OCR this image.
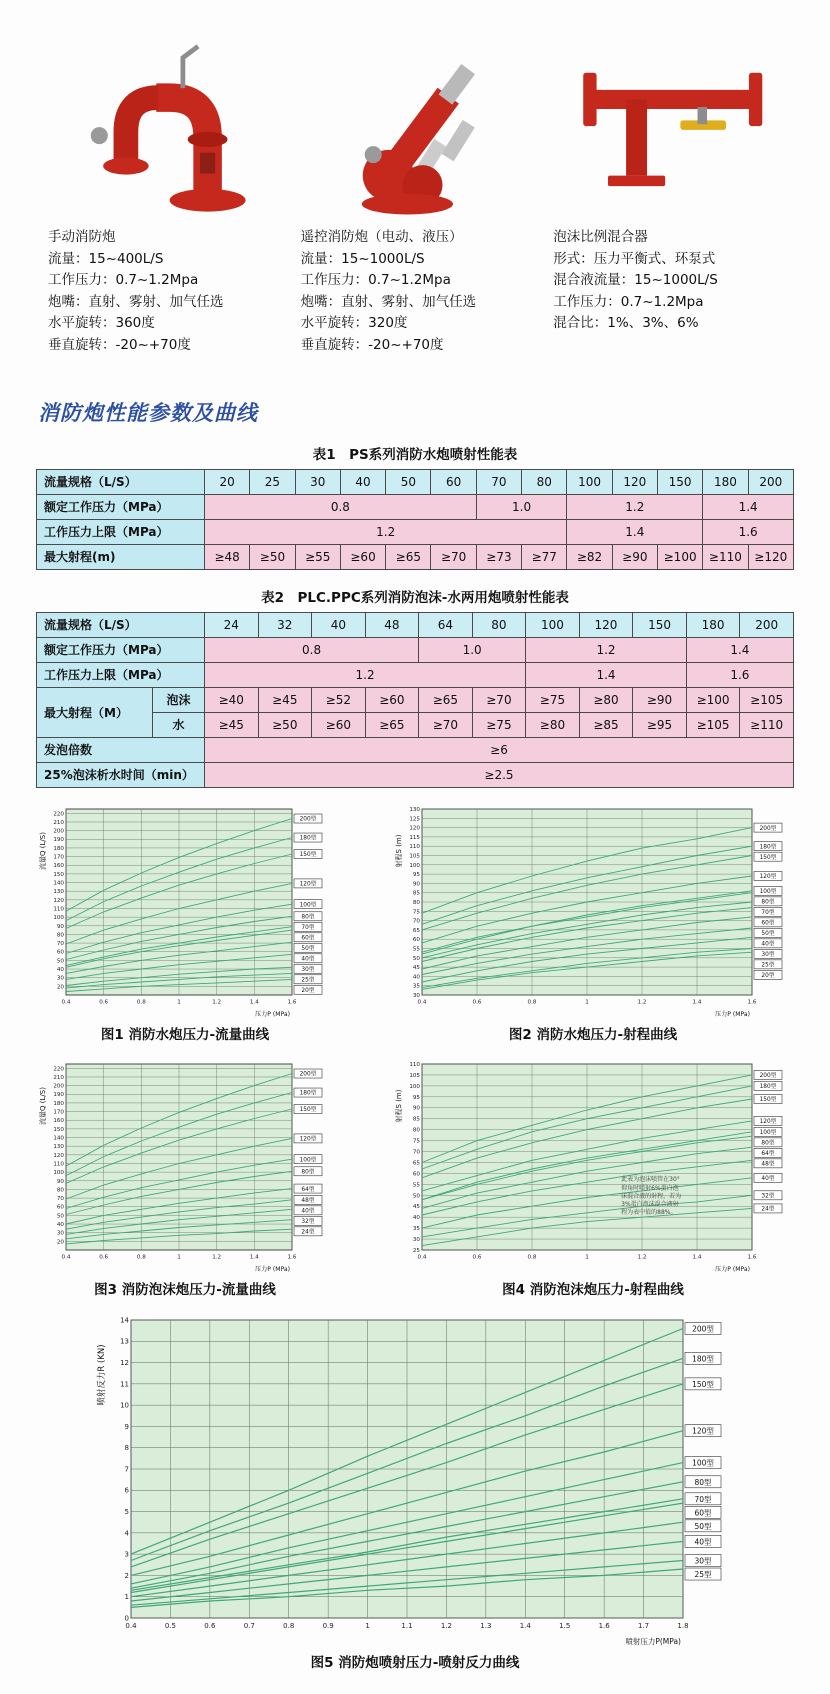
手动消防炮
流量：15~400L/S
工作压力：0.7~1.2Mpa
炮嘴：直射、雾射、加气任选
水平旋转：360度
垂直旋转：-20~+70度
遥控消防炮（电动、液压）
流量：15~1000L/S
工作压力：0.7~1.2Mpa
炮嘴：直射、雾射、加气任选
水平旋转：320度
垂直旋转：-20~+70度
泡沫比例混合器
形式：压力平衡式、环泵式
混合液流量：15~1000L/S
工作压力：0.7~1.2Mpa
混合比：1%、3%、6%
消防炮性能参数及曲线
表1　PS系列消防水炮喷射性能表
流量规格（L/S）	20	25	30	40	50	60	70	80	100	120	150	180	200
额定工作压力（MPa）	0.8						1.0		1.2			1.4	
工作压力上限（MPa）	1.2								1.4			1.6	
最大射程(m)	≥48	≥50	≥55	≥60	≥65	≥70	≥73	≥77	≥82	≥90	≥100	≥110	≥120
表2　PLC.PPC系列消防泡沫-水两用炮喷射性能表
流量规格（L/S）		24	32	40	48	64	80	100	120	150	180	200
额定工作压力（MPa）		0.8				1.0		1.2			1.4	
工作压力上限（MPa）		1.2						1.4			1.6	
最大射程（M）	泡沫	≥40	≥45	≥52	≥60	≥65	≥70	≥75	≥80	≥90	≥100	≥105
	水	≥45	≥50	≥60	≥65	≥70	≥75	≥80	≥85	≥95	≥105	≥110
发泡倍数		≥6										
25%泡沫析水时间（min）		≥2.5										
0.4	0.6	0.8	1	1.2	1.4	1.6
20
30
40
50
60
70
80
90
100
110
120
130
140
150
160
170
180
190
200
210
220
200型
180型
150型
120型
100型
80型
70型
60型
50型
40型
30型
25型
20型
压力P (MPa)
流量Q (L/S)
图1 消防水炮压力-流量曲线
0.4	0.6	0.8	1	1.2	1.4	1.6
30
35
40
45
50
55
60
65
70
75
80
85
90
95
100
105
110
115
120
125
130
200型
180型
150型
120型
100型
80型
70型
60型
50型
40型
30型
25型
20型
压力P (MPa)
射程S (m)
图2 消防水炮压力-射程曲线
0.4	0.6	0.8	1	1.2	1.4	1.6
20
30
40
50
60
70
80
90
100
110
120
130
140
150
160
170
180
190
200
210
220
200型
180型
150型
120型
100型
80型
64型
48型
40型
32型
24型
压力P (MPa)
流量Q (L/S)
图3 消防泡沫炮压力-流量曲线
0.4	0.6	0.8	1	1.2	1.4	1.6
25
30
35
40
45
50
55
60
65
70
75
80
85
90
95
100
105
110
200型
180型
150型
120型
100型
80型
64型
48型
40型
32型
24型
压力P (MPa)
射程S (m)
此表为泡沫喷管在30°仰角时喷射6%蛋白泡沫混合液的射程，若为3%蛋白泡沫混合液射程为表中值的88%。
图4 消防泡沫炮压力-射程曲线
0.4	0.5	0.6	0.7	0.8	0.9	1	1.1	1.2	1.3	1.4	1.5	1.6	1.7	1.8
0
1
2
3
4
5
6
7
8
9
10
11
12
13
14
200型
180型
150型
120型
100型
80型
70型
60型
50型
40型
30型
25型
喷射压力P(MPa)
喷射反力R (KN)
图5 消防炮喷射压力-喷射反力曲线
